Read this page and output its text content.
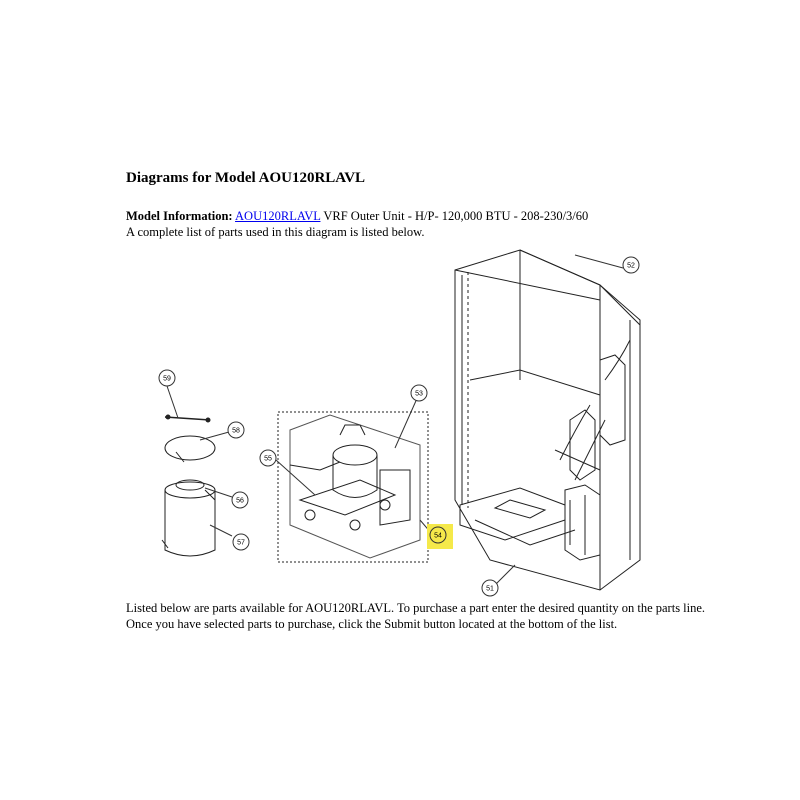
Diagrams for Model AOU120RLAVL
Model Information: AOU120RLAVL VRF Outer Unit - H/P- 120,000 BTU - 208-230/3/60
A complete list of parts used in this diagram is listed below.
59
58
55
56
57
53
54
52
51
Listed below are parts available for AOU120RLAVL. To purchase a part enter the desired quantity on the parts line.
Once you have selected parts to purchase, click the Submit button located at the bottom of the list.
